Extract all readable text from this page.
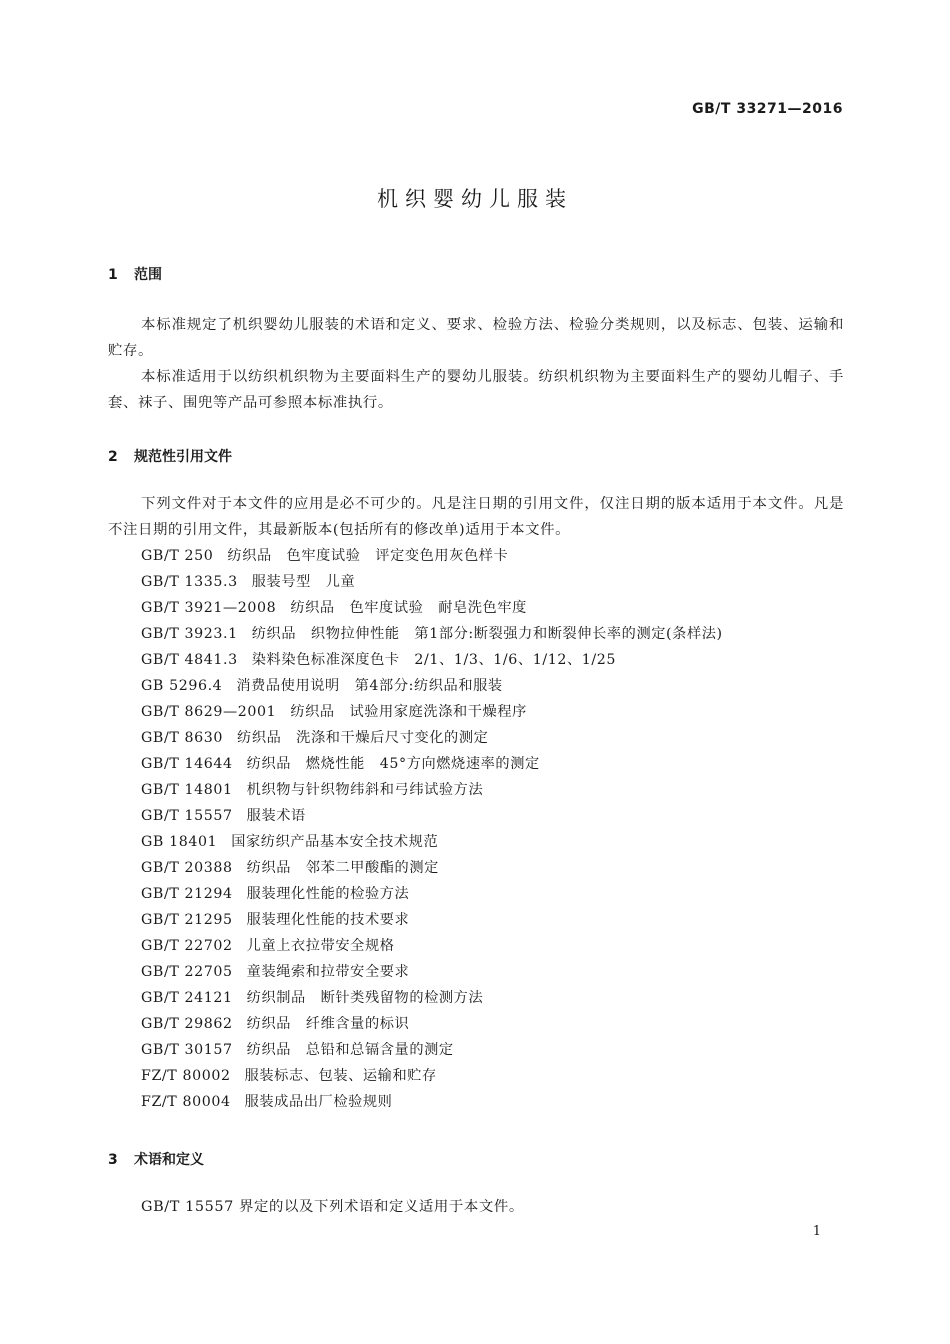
GB/T 33271—2016
机织婴幼儿服装
1 范围

本标准规定了机织婴幼儿服装的术语和定义、要求、检验方法、检验分类规则，以及标志、包装、运输和贮存。

本标准适用于以纺织机织物为主要面料生产的婴幼儿服装。纺织机织物为主要面料生产的婴幼儿帽子、手套、袜子、围兜等产品可参照本标准执行。

2 规范性引用文件

下列文件对于本文件的应用是必不可少的。凡是注日期的引用文件，仅注日期的版本适用于本文件。凡是不注日期的引用文件，其最新版本(包括所有的修改单)适用于本文件。

GB/T 250 纺织品　色牢度试验　评定变色用灰色样卡
GB/T 1335.3 服装号型　儿童
GB/T 3921—2008 纺织品　色牢度试验　耐皂洗色牢度
GB/T 3923.1 纺织品　织物拉伸性能　第1部分:断裂强力和断裂伸长率的测定(条样法)
GB/T 4841.3 染料染色标准深度色卡　2/1、1/3、1/6、1/12、1/25
GB 5296.4 消费品使用说明　第4部分:纺织品和服装
GB/T 8629—2001 纺织品　试验用家庭洗涤和干燥程序
GB/T 8630 纺织品　洗涤和干燥后尺寸变化的测定
GB/T 14644 纺织品　燃烧性能　45°方向燃烧速率的测定
GB/T 14801 机织物与针织物纬斜和弓纬试验方法
GB/T 15557 服装术语
GB 18401 国家纺织产品基本安全技术规范
GB/T 20388 纺织品　邻苯二甲酸酯的测定
GB/T 21294 服装理化性能的检验方法
GB/T 21295 服装理化性能的技术要求
GB/T 22702 儿童上衣拉带安全规格
GB/T 22705 童装绳索和拉带安全要求
GB/T 24121 纺织制品　断针类残留物的检测方法
GB/T 29862 纺织品　纤维含量的标识
GB/T 30157 纺织品　总铅和总镉含量的测定
FZ/T 80002 服装标志、包装、运输和贮存
FZ/T 80004 服装成品出厂检验规则
3 术语和定义

GB/T 15557 界定的以及下列术语和定义适用于本文件。

1
